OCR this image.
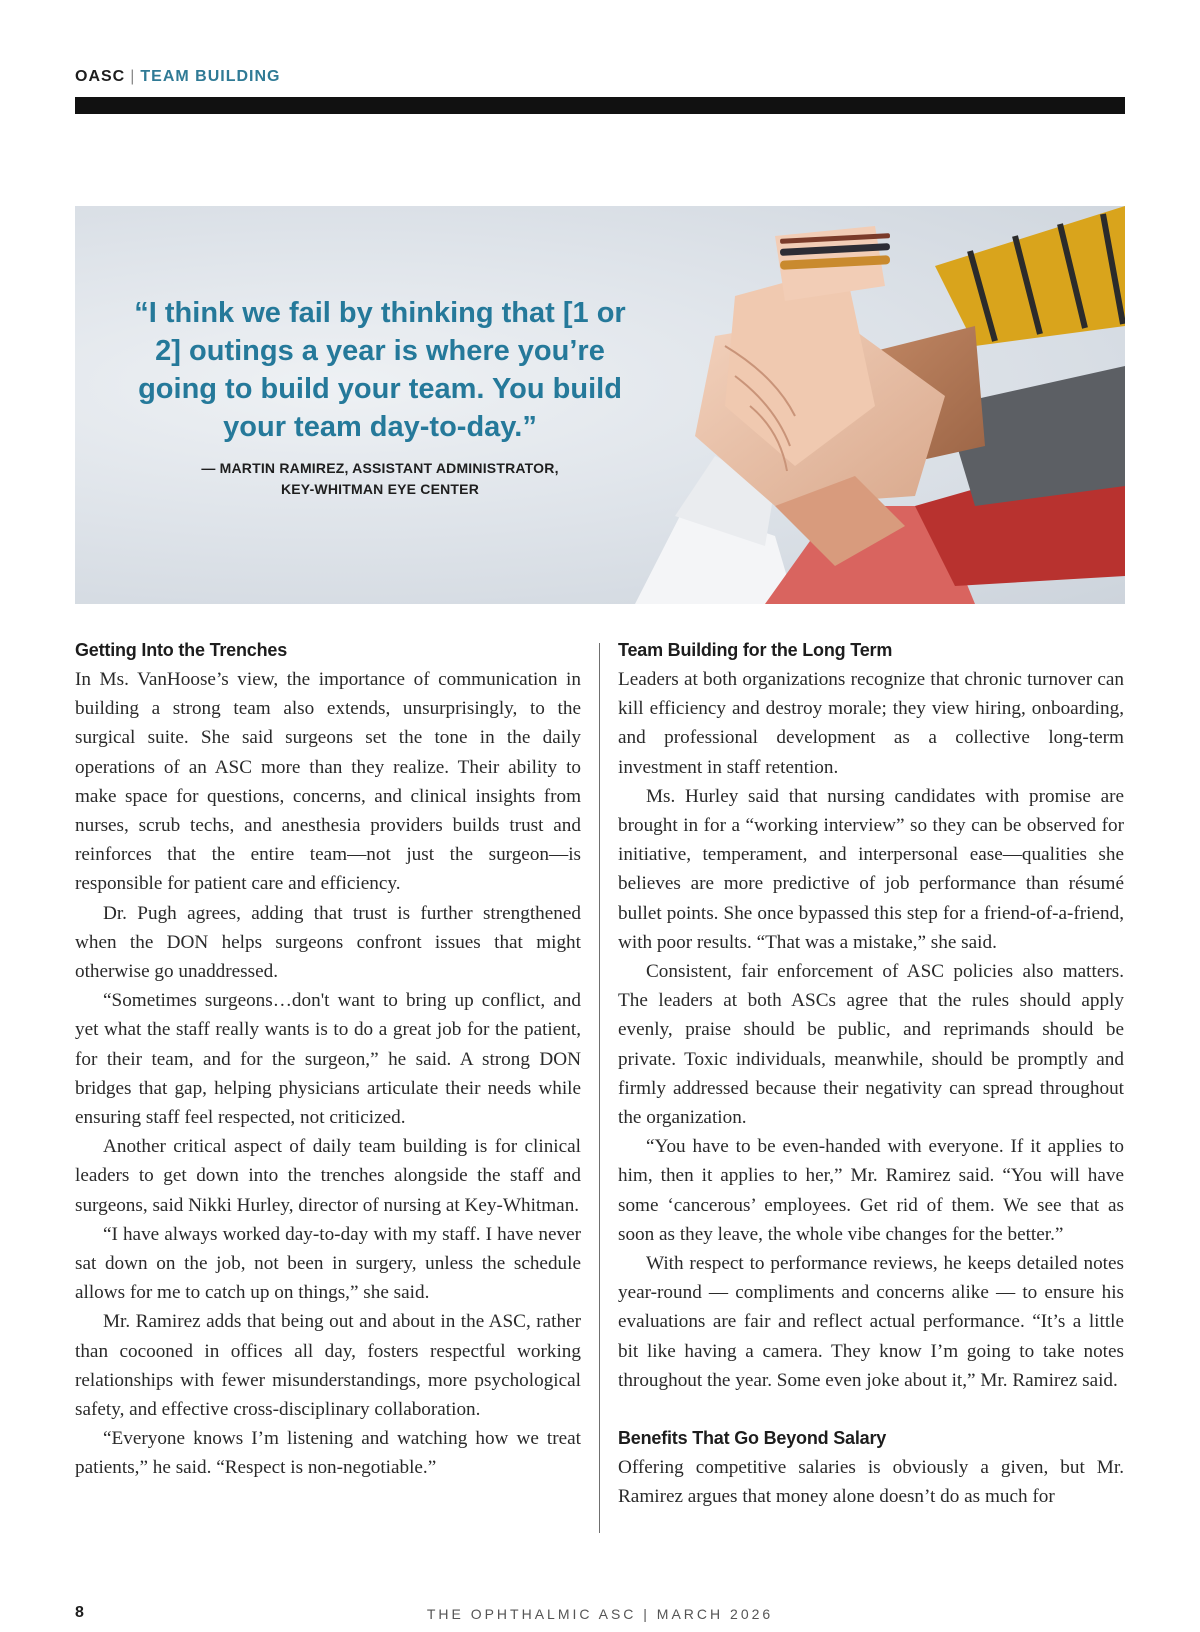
OASC | TEAM BUILDING
“I think we fail by thinking that [1 or 2] outings a year is where you’re going to build your team. You build your team day-to-day.”
— MARTIN RAMIREZ, ASSISTANT ADMINISTRATOR,
KEY-WHITMAN EYE CENTER
Getting Into the Trenches

In Ms. VanHoose’s view, the importance of communication in building a strong team also extends, unsurprisingly, to the surgical suite. She said surgeons set the tone in the daily operations of an ASC more than they realize. Their ability to make space for questions, concerns, and clinical insights from nurses, scrub techs, and anesthesia providers builds trust and reinforces that the entire team—not just the surgeon—is responsible for patient care and efficiency.

Dr. Pugh agrees, adding that trust is further strengthened when the DON helps surgeons confront issues that might otherwise go unaddressed.

“Sometimes surgeons…don't want to bring up conflict, and yet what the staff really wants is to do a great job for the patient, for their team, and for the surgeon,” he said. A strong DON bridges that gap, helping physicians articulate their needs while ensuring staff feel respected, not criticized.

Another critical aspect of daily team building is for clinical leaders to get down into the trenches alongside the staff and surgeons, said Nikki Hurley, director of nursing at Key-Whitman.

“I have always worked day-to-day with my staff. I have never sat down on the job, not been in surgery, unless the schedule allows for me to catch up on things,” she said.

Mr. Ramirez adds that being out and about in the ASC, rather than cocooned in offices all day, fosters respectful working relationships with fewer misunderstandings, more psychological safety, and effective cross-disciplinary collaboration.

“Everyone knows I’m listening and watching how we treat patients,” he said. “Respect is non-negotiable.”

Team Building for the Long Term

Leaders at both organizations recognize that chronic turnover can kill efficiency and destroy morale; they view hiring, onboarding, and professional development as a collective long-term investment in staff retention.

Ms. Hurley said that nursing candidates with promise are brought in for a “working interview” so they can be observed for initiative, temperament, and interpersonal ease—qualities she believes are more predictive of job performance than résumé bullet points. She once bypassed this step for a friend-of-a-friend, with poor results. “That was a mistake,” she said.

Consistent, fair enforcement of ASC policies also matters. The leaders at both ASCs agree that the rules should apply evenly, praise should be public, and reprimands should be private. Toxic individuals, meanwhile, should be promptly and firmly addressed because their negativity can spread throughout the organization.

“You have to be even-handed with everyone. If it applies to him, then it applies to her,” Mr. Ramirez said. “You will have some ‘cancerous’ employees. Get rid of them. We see that as soon as they leave, the whole vibe changes for the better.”

With respect to performance reviews, he keeps detailed notes year-round — compliments and concerns alike — to ensure his evaluations are fair and reflect actual performance. “It’s a little bit like having a camera. They know I’m going to take notes throughout the year. Some even joke about it,” Mr. Ramirez said.

Benefits That Go Beyond Salary

Offering competitive salaries is obviously a given, but Mr. Ramirez argues that money alone doesn’t do as much for

8	THE OPHTHALMIC ASC | MARCH 2026
